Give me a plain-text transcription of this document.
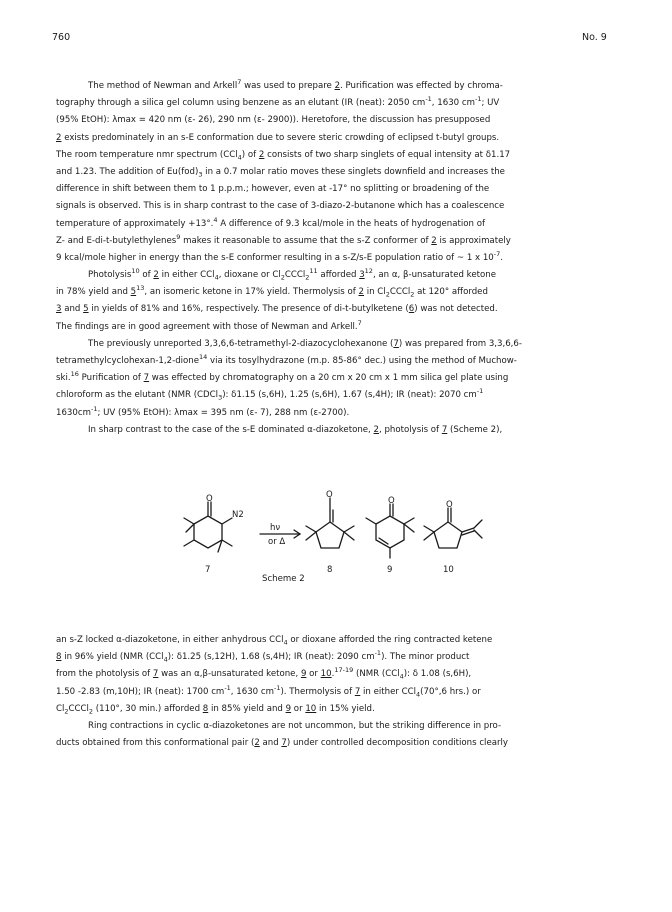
760	No. 9
The method of Newman and Arkell$^7$ was used to prepare 2. Purification was effected by chroma-
tography through a silica gel column using benzene as an elutant (IR (neat): 2050 $cm^{-1}$, 1630 $cm^{-1}$; UV
(95% EtOH): λmax = 420 nm (ε- 26), 290 nm (ε- 2900)). Heretofore, the discussion has presupposed
2 exists predominately in an s-E conformation due to severe steric crowding of eclipsed t-butyl groups.
The room temperature nmr spectrum (CCl$_4$) of 2 consists of two sharp singlets of equal intensity at δ1.17
and 1.23. The addition of $Eu(fod)_3$ in a 0.7 molar ratio moves these singlets downfield and increases the
difference in shift between them to 1 p.p.m.; however, even at -17° no splitting or broadening of the
signals is observed. This is in sharp contrast to the case of 3-diazo-2-butanone which has a coalescence
temperature of approximately +13°.$^4$ A difference of 9.3 kcal/mole in the heats of hydrogenation of
Z- and E-di-t-butylethylenes$^9$ makes it reasonable to assume that the s-Z conformer of 2 is approximately
9 kcal/mole higher in energy than the s-E conformer resulting in a s-Z/s-E population ratio of ~ 1 x $10^{-7}$.
Photolysis$^{10}$ of 2 in either CCl$_4$, dioxane or $Cl_2CCCl_2^{11}$ afforded $3^{12}$, an α, β-unsaturated ketone
in 78% yield and $5^{13}$, an isomeric ketone in 17% yield. Thermolysis of 2 in $Cl_2CCCl_2$ at 120° afforded
3 and 5 in yields of 81% and 16%, respectively. The presence of di-t-butylketene (6) was not detected.
The findings are in good agreement with those of Newman and Arkell.$^7$
The previously unreported 3,3,6,6-tetramethyl-2-diazocyclohexanone (7) was prepared from 3,3,6,6-
tetramethylcyclohexan-1,2-dione$^{14}$ via its tosylhydrazone (m.p. 85-86° dec.) using the method of Muchow-
ski.$^{16}$ Purification of 7 was effected by chromatography on a 20 cm x 20 cm x 1 mm silica gel plate using
chloroform as the elutant (NMR (CDCl$_3$): δ1.15 (s,6H), 1.25 (s,6H), 1.67 (s,4H); IR (neat): 2070 $cm^{-1}$
$1630cm^{-1}$; UV (95% EtOH): λmax = 395 nm (ε- 7), 288 nm (ε-2700).
In sharp contrast to the case of the s-E dominated α-diazoketone, 2, photolysis of 7 (Scheme 2),
N2
O
O	O
O
hν
or Δ
7	8	9	10
Scheme 2
an s-Z locked α-diazoketone, in either anhydrous CCl$_4$ or dioxane afforded the ring contracted ketene
8 in 96% yield (NMR (CCl$_4$): δ1.25 (s,12H), 1.68 (s,4H); IR (neat): 2090 $cm^{-1}$). The minor product
from the photolysis of 7 was an α,β-unsaturated ketone, 9 or 10.$^{17-19}$ (NMR (CCl$_4$): δ 1.08 (s,6H),
1.50 -2.83 (m,10H); IR (neat): 1700 $cm^{-1}$, 1630 $cm^{-1}$). Thermolysis of 7 in either CCl$_4$(70°,6 hrs.) or
$Cl_2CCCl_2$ (110°, 30 min.) afforded 8 in 85% yield and 9 or 10 in 15% yield.
Ring contractions in cyclic α-diazoketones are not uncommon, but the striking difference in pro-
ducts obtained from this conformational pair (2 and 7) under controlled decomposition conditions clearly
